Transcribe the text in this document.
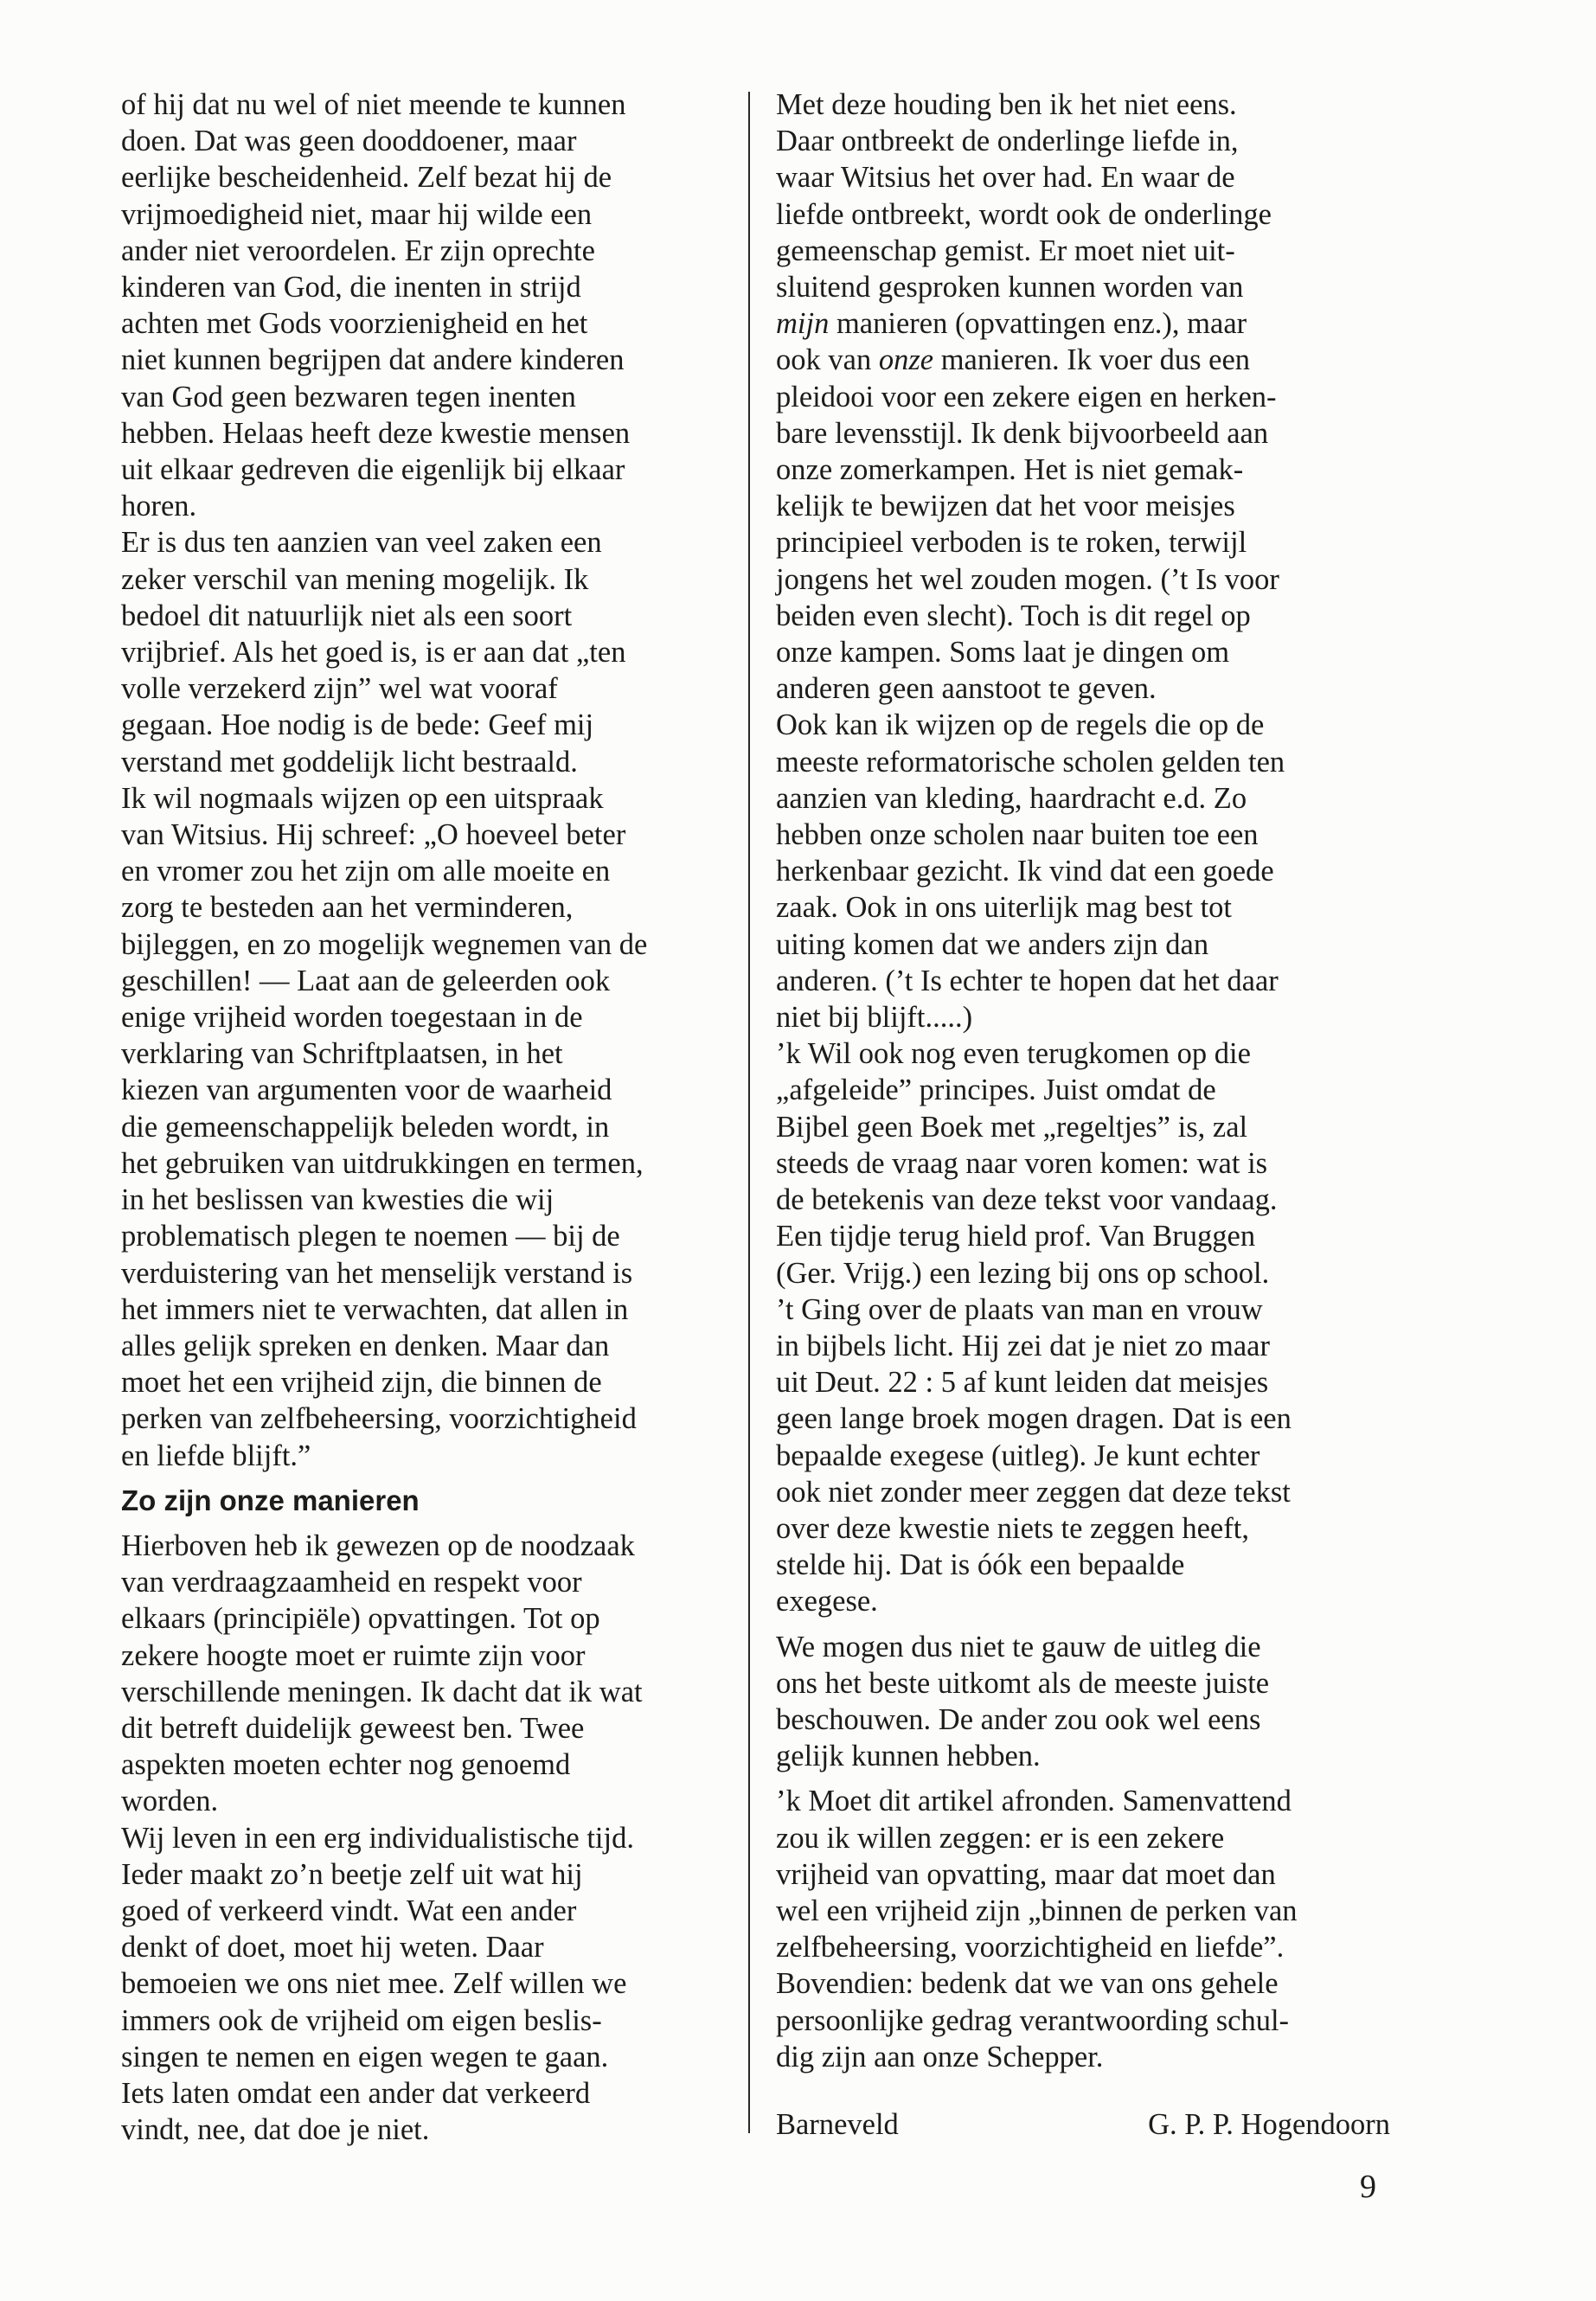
of hij dat nu wel of niet meende te kunnen

doen. Dat was geen dooddoener, maar

eerlijke bescheidenheid. Zelf bezat hij de

vrijmoedigheid niet, maar hij wilde een

ander niet veroordelen. Er zijn oprechte

kinderen van God, die inenten in strijd

achten met Gods voorzienigheid en het

niet kunnen begrijpen dat andere kinderen

van God geen bezwaren tegen inenten

hebben. Helaas heeft deze kwestie mensen

uit elkaar gedreven die eigenlijk bij elkaar

horen.

Er is dus ten aanzien van veel zaken een

zeker verschil van mening mogelijk. Ik

bedoel dit natuurlijk niet als een soort

vrijbrief. Als het goed is, is er aan dat „ten

volle verzekerd zijn” wel wat vooraf

gegaan. Hoe nodig is de bede: Geef mij

verstand met goddelijk licht bestraald.

Ik wil nogmaals wijzen op een uitspraak

van Witsius. Hij schreef: „O hoeveel beter

en vromer zou het zijn om alle moeite en

zorg te besteden aan het verminderen,

bijleggen, en zo mogelijk wegnemen van de

geschillen! — Laat aan de geleerden ook

enige vrijheid worden toegestaan in de

verklaring van Schriftplaatsen, in het

kiezen van argumenten voor de waarheid

die gemeenschappelijk beleden wordt, in

het gebruiken van uitdrukkingen en termen,

in het beslissen van kwesties die wij

problematisch plegen te noemen — bij de

verduistering van het menselijk verstand is

het immers niet te verwachten, dat allen in

alles gelijk spreken en denken. Maar dan

moet het een vrijheid zijn, die binnen de

perken van zelfbeheersing, voorzichtigheid

en liefde blijft.”

Zo zijn onze manieren

Hierboven heb ik gewezen op de noodzaak

van verdraagzaamheid en respekt voor

elkaars (principiële) opvattingen. Tot op

zekere hoogte moet er ruimte zijn voor

verschillende meningen. Ik dacht dat ik wat

dit betreft duidelijk geweest ben. Twee

aspekten moeten echter nog genoemd

worden.

Wij leven in een erg individualistische tijd.

Ieder maakt zo’n beetje zelf uit wat hij

goed of verkeerd vindt. Wat een ander

denkt of doet, moet hij weten. Daar

bemoeien we ons niet mee. Zelf willen we

immers ook de vrijheid om eigen beslis-

singen te nemen en eigen wegen te gaan.

Iets laten omdat een ander dat verkeerd

vindt, nee, dat doe je niet.

Met deze houding ben ik het niet eens.

Daar ontbreekt de onderlinge liefde in,

waar Witsius het over had. En waar de

liefde ontbreekt, wordt ook de onderlinge

gemeenschap gemist. Er moet niet uit-

sluitend gesproken kunnen worden van

mijn manieren (opvattingen enz.), maar

ook van onze manieren. Ik voer dus een

pleidooi voor een zekere eigen en herken-

bare levensstijl. Ik denk bijvoorbeeld aan

onze zomerkampen. Het is niet gemak-

kelijk te bewijzen dat het voor meisjes

principieel verboden is te roken, terwijl

jongens het wel zouden mogen. (’t Is voor

beiden even slecht). Toch is dit regel op

onze kampen. Soms laat je dingen om

anderen geen aanstoot te geven.

Ook kan ik wijzen op de regels die op de

meeste reformatorische scholen gelden ten

aanzien van kleding, haardracht e.d. Zo

hebben onze scholen naar buiten toe een

herkenbaar gezicht. Ik vind dat een goede

zaak. Ook in ons uiterlijk mag best tot

uiting komen dat we anders zijn dan

anderen. (’t Is echter te hopen dat het daar

niet bij blijft.....)

’k Wil ook nog even terugkomen op die

„afgeleide” principes. Juist omdat de

Bijbel geen Boek met „regeltjes” is, zal

steeds de vraag naar voren komen: wat is

de betekenis van deze tekst voor vandaag.

Een tijdje terug hield prof. Van Bruggen

(Ger. Vrijg.) een lezing bij ons op school.

’t Ging over de plaats van man en vrouw

in bijbels licht. Hij zei dat je niet zo maar

uit Deut. 22 : 5 af kunt leiden dat meisjes

geen lange broek mogen dragen. Dat is een

bepaalde exegese (uitleg). Je kunt echter

ook niet zonder meer zeggen dat deze tekst

over deze kwestie niets te zeggen heeft,

stelde hij. Dat is óók een bepaalde

exegese.

We mogen dus niet te gauw de uitleg die

ons het beste uitkomt als de meeste juiste

beschouwen. De ander zou ook wel eens

gelijk kunnen hebben.

’k Moet dit artikel afronden. Samenvattend

zou ik willen zeggen: er is een zekere

vrijheid van opvatting, maar dat moet dan

wel een vrijheid zijn „binnen de perken van

zelfbeheersing, voorzichtigheid en liefde”.

Bovendien: bedenk dat we van ons gehele

persoonlijke gedrag verantwoording schul-

dig zijn aan onze Schepper.

Barneveld	G. P. P. Hogendoorn

9
